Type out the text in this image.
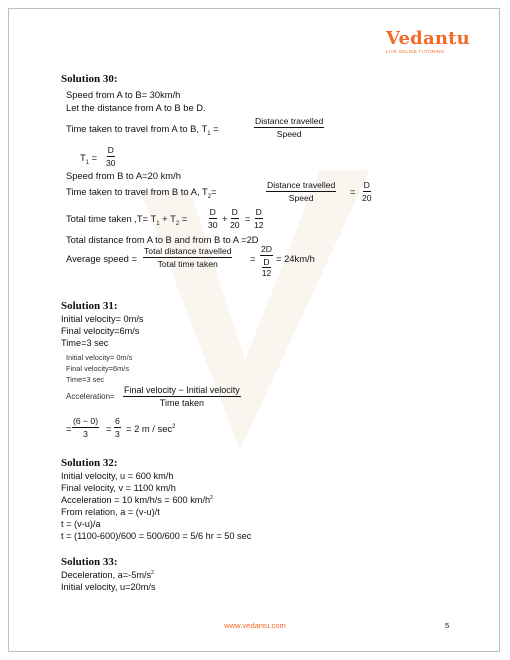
Vedantu
LIVE ONLINE TUTORING
Solution 30:
Speed from A to B= 30km/h
Let the distance from A to B be D.
Time taken to travel from A to B, $T_1$ =
Distance travelled
Speed
$T_1 = \frac{D}{30}$
Speed from B to A=20 km/h
Time taken to travel from B to A, $T_2=$
Distance travelled
Speed
= $\frac{D}{20}$
Total time taken $,T= T_1 + T_2 = \frac{D}{30} + \frac{D}{20} = \frac{D}{12}$
Total distance from A to B and from B to A =2D
Average speed =
Total distance travelled
Total time taken	= 2D
D
12 = 24km/h
Solution 31:
Initial velocity= 0m/s
Final velocity=6m/s
Time=3 sec
Initial velocity= 0m/s
Final velocity=6m/s
Time=3 sec
Acceleration=
Final velocity − Initial velocity
Time taken
= $\frac{(6 - 0)}{3} = \frac{6}{3} = 2$ m / $\sec^2$
Solution 32:
Initial velocity, u = 600 km/h
Final velocity, v = 1100 km/h
Acceleration = 10 km/h/s = 600 $km/h^2$
From relation, a = (v-u)/t
t = (v-u)/a
t = (1100-600)/600 = 500/600 = 5/6 hr = 50 sec
Solution 33:
Deceleration, $a=-5m/s^2$
Initial velocity, u=20m/s
www.vedantu.com	5
